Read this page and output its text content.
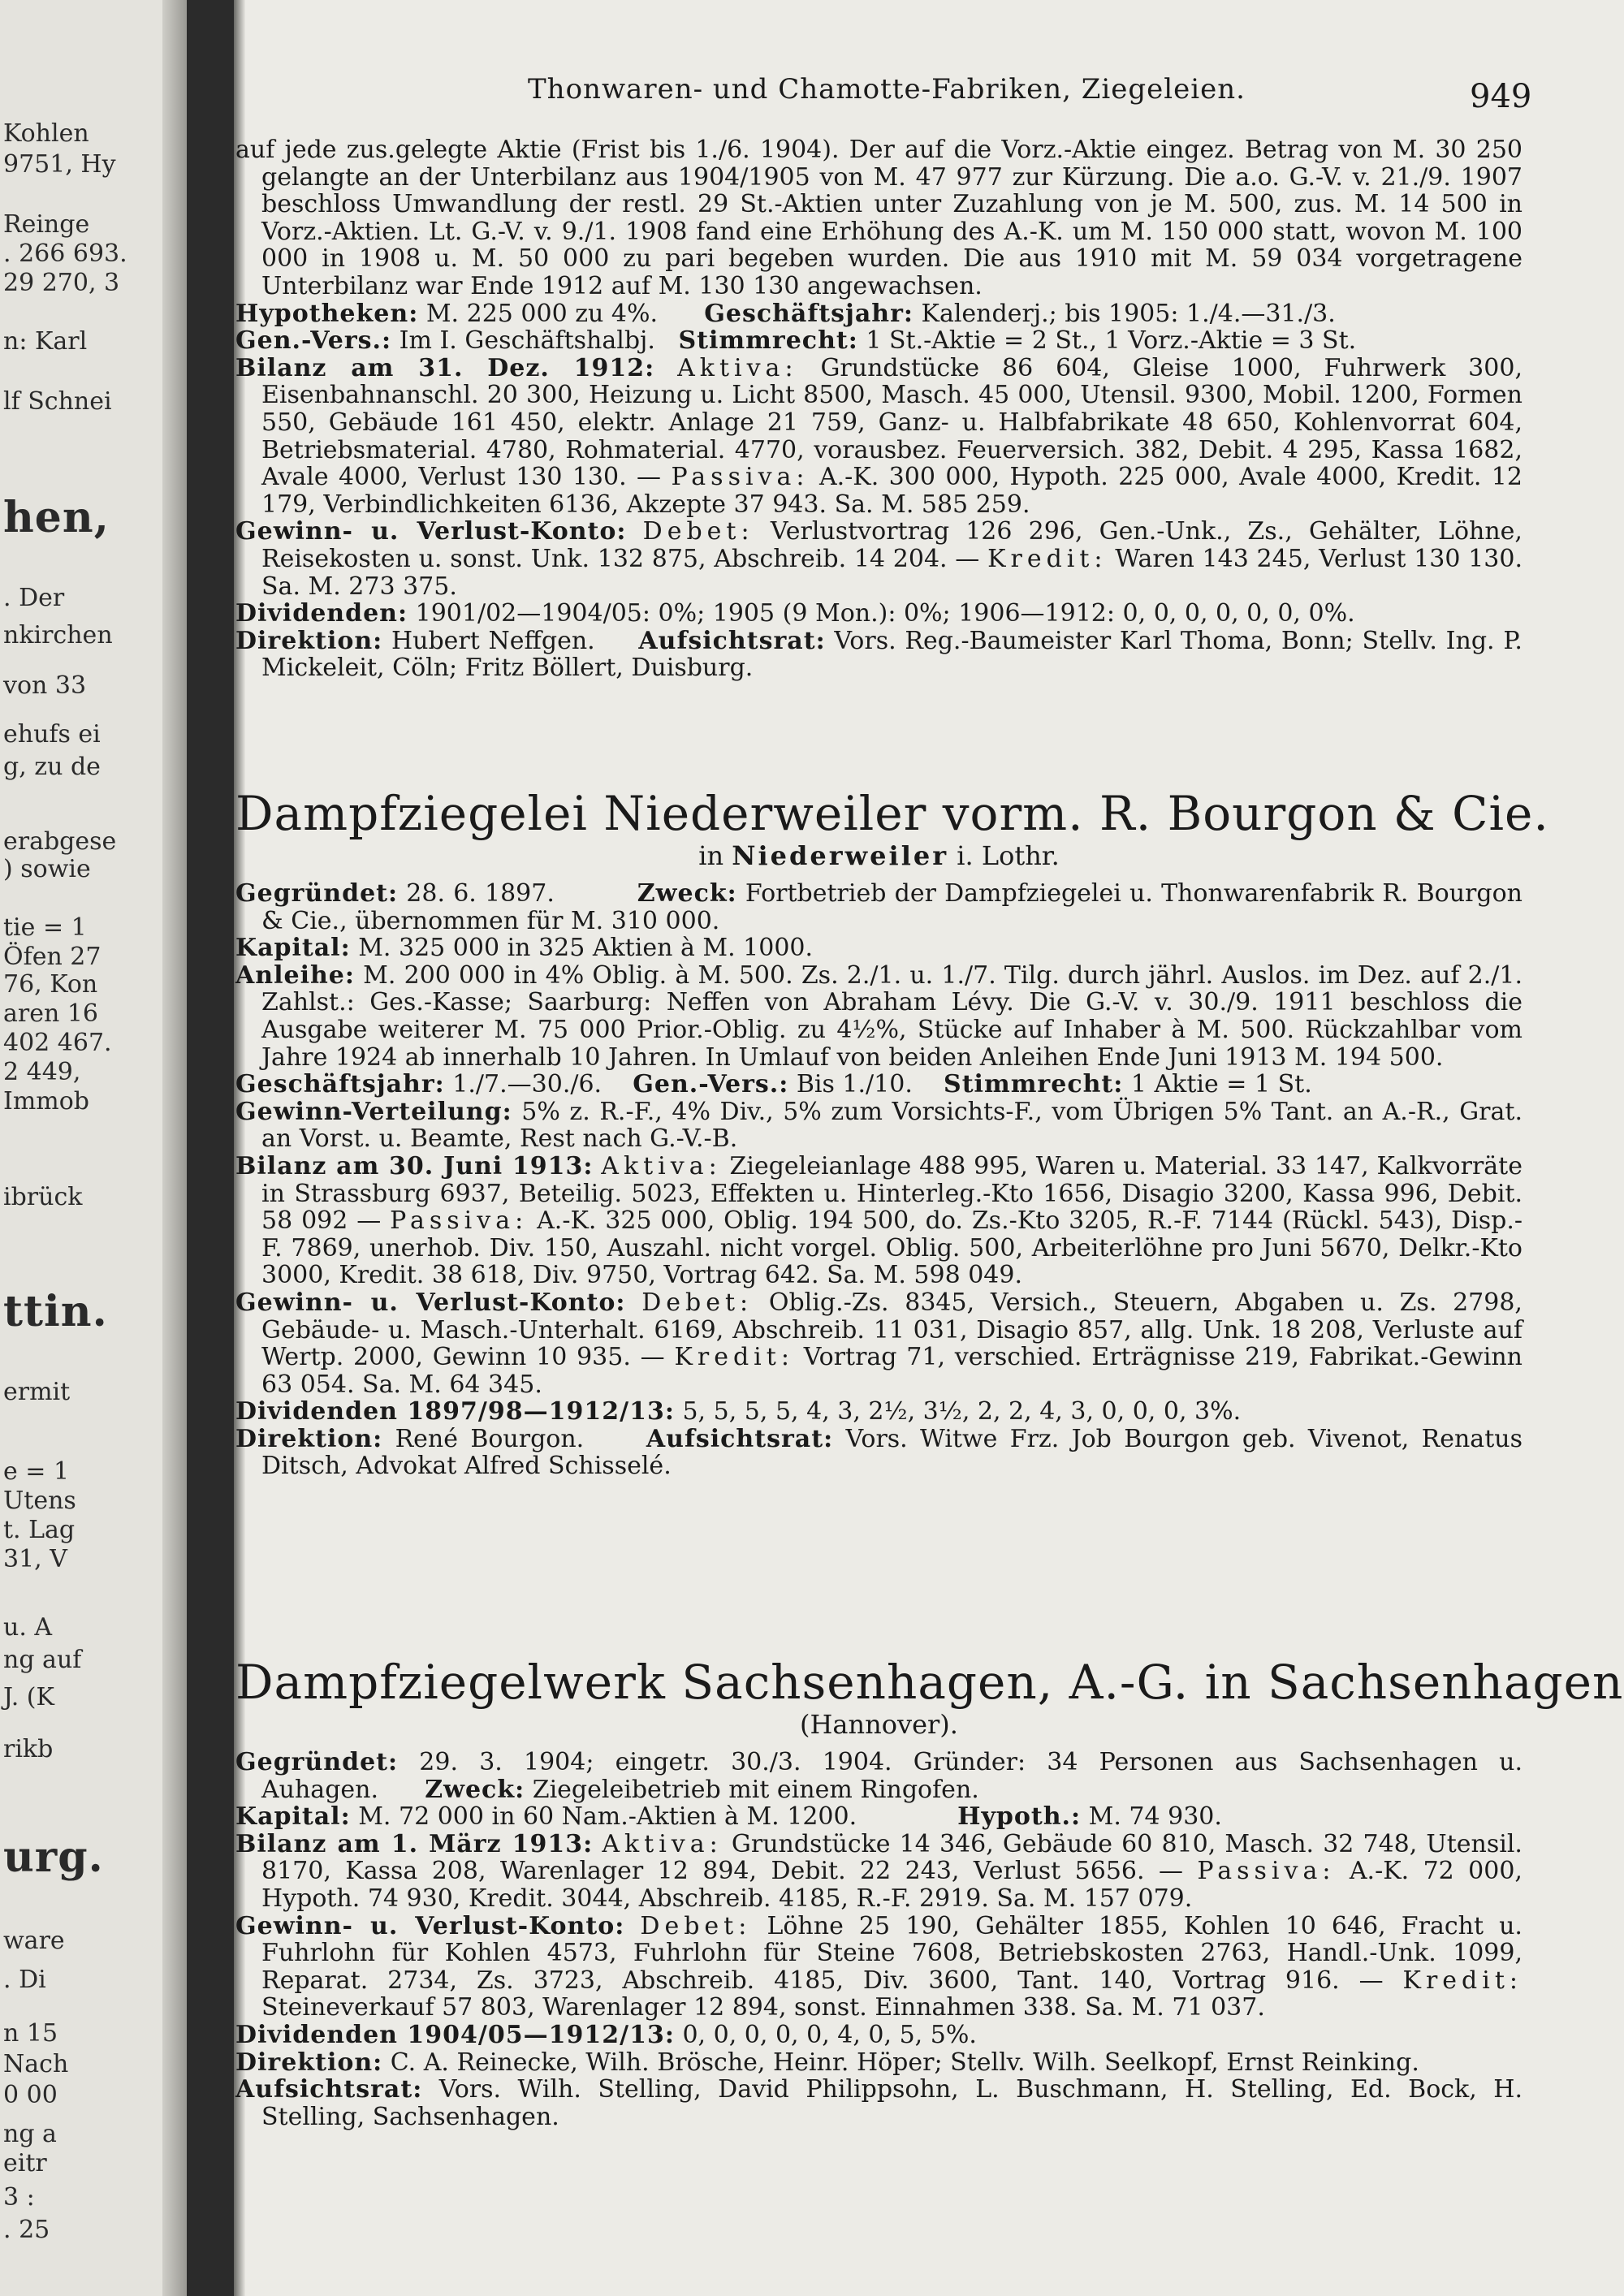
Kohlen
9751, Hy
Reinge
. 266 693.
29 270, 3
n: Karl
lf Schnei
hen,
. Der
nkirchen
von 33
ehufs ei
g, zu de
erabgese
) sowie
tie = 1
Öfen 27
76, Kon
aren 16
402 467.
2 449,
Immob
ibrück
ttin.
ermit
e = 1
Utens
t. Lag
31, V
u. A
ng auf
J. (K
rikb
urg.
ware
. Di
n 15
Nach
0 00
ng a
eitr
3 :
. 25
Thonwaren- und Chamotte-Fabriken, Ziegeleien.	949

auf jede zus.gelegte Aktie (Frist bis 1./6. 1904). Der auf die Vorz.-Aktie eingez. Betrag von M. 30 250 gelangte an der Unterbilanz aus 1904/1905 von M. 47 977 zur Kürzung. Die a.o. G.-V. v. 21./9. 1907 beschloss Umwandlung der restl. 29 St.-Aktien unter Zuzahlung von je M. 500, zus. M. 14 500 in Vorz.-Aktien. Lt. G.-V. v. 9./1. 1908 fand eine Erhöhung des A.-K. um M. 150 000 statt, wovon M. 100 000 in 1908 u. M. 50 000 zu pari begeben wurden. Die aus 1910 mit M. 59 034 vorgetragene Unterbilanz war Ende 1912 auf M. 130 130 angewachsen.

Hypotheken: M. 225 000 zu 4%. Geschäftsjahr: Kalenderj.; bis 1905: 1./4.—31./3.

Gen.-Vers.: Im I. Geschäftshalbj. Stimmrecht: 1 St.-Aktie = 2 St., 1 Vorz.-Aktie = 3 St.

Bilanz am 31. Dez. 1912: Aktiva: Grundstücke 86 604, Gleise 1000, Fuhrwerk 300, Eisenbahnanschl. 20 300, Heizung u. Licht 8500, Masch. 45 000, Utensil. 9300, Mobil. 1200, Formen 550, Gebäude 161 450, elektr. Anlage 21 759, Ganz- u. Halbfabrikate 48 650, Kohlenvorrat 604, Betriebsmaterial. 4780, Rohmaterial. 4770, vorausbez. Feuerversich. 382, Debit. 4 295, Kassa 1682, Avale 4000, Verlust 130 130. — Passiva: A.-K. 300 000, Hypoth. 225 000, Avale 4000, Kredit. 12 179, Verbindlichkeiten 6136, Akzepte 37 943. Sa. M. 585 259.

Gewinn- u. Verlust-Konto: Debet: Verlustvortrag 126 296, Gen.-Unk., Zs., Gehälter, Löhne, Reisekosten u. sonst. Unk. 132 875, Abschreib. 14 204. — Kredit: Waren 143 245, Verlust 130 130. Sa. M. 273 375.

Dividenden: 1901/02—1904/05: 0%; 1905 (9 Mon.): 0%; 1906—1912: 0, 0, 0, 0, 0, 0, 0%.

Direktion: Hubert Neffgen. Aufsichtsrat: Vors. Reg.-Baumeister Karl Thoma, Bonn; Stellv. Ing. P. Mickeleit, Cöln; Fritz Böllert, Duisburg.

Dampfziegelei Niederweiler vorm. R. Bourgon & Cie.

in Niederweiler i. Lothr.

Gegründet: 28. 6. 1897.	Zweck: Fortbetrieb der Dampfziegelei u. Thonwarenfabrik R. Bourgon & Cie., übernommen für M. 310 000.

Kapital: M. 325 000 in 325 Aktien à M. 1000.

Anleihe: M. 200 000 in 4% Oblig. à M. 500. Zs. 2./1. u. 1./7. Tilg. durch jährl. Auslos. im Dez. auf 2./1. Zahlst.: Ges.-Kasse; Saarburg: Neffen von Abraham Lévy. Die G.-V. v. 30./9. 1911 beschloss die Ausgabe weiterer M. 75 000 Prior.-Oblig. zu 4½%, Stücke auf Inhaber à M. 500. Rückzahlbar vom Jahre 1924 ab innerhalb 10 Jahren. In Umlauf von beiden Anleihen Ende Juni 1913 M. 194 500.

Geschäftsjahr: 1./7.—30./6. Gen.-Vers.: Bis 1./10. Stimmrecht: 1 Aktie = 1 St.

Gewinn-Verteilung: 5% z. R.-F., 4% Div., 5% zum Vorsichts-F., vom Übrigen 5% Tant. an A.-R., Grat. an Vorst. u. Beamte, Rest nach G.-V.-B.

Bilanz am 30. Juni 1913: Aktiva: Ziegeleianlage 488 995, Waren u. Material. 33 147, Kalkvorräte in Strassburg 6937, Beteilig. 5023, Effekten u. Hinterleg.-Kto 1656, Disagio 3200, Kassa 996, Debit. 58 092 — Passiva: A.-K. 325 000, Oblig. 194 500, do. Zs.-Kto 3205, R.-F. 7144 (Rückl. 543), Disp.-F. 7869, unerhob. Div. 150, Auszahl. nicht vorgel. Oblig. 500, Arbeiterlöhne pro Juni 5670, Delkr.-Kto 3000, Kredit. 38 618, Div. 9750, Vortrag 642. Sa. M. 598 049.

Gewinn- u. Verlust-Konto: Debet: Oblig.-Zs. 8345, Versich., Steuern, Abgaben u. Zs. 2798, Gebäude- u. Masch.-Unterhalt. 6169, Abschreib. 11 031, Disagio 857, allg. Unk. 18 208, Verluste auf Wertp. 2000, Gewinn 10 935. — Kredit: Vortrag 71, verschied. Erträgnisse 219, Fabrikat.-Gewinn 63 054. Sa. M. 64 345.

Dividenden 1897/98—1912/13: 5, 5, 5, 5, 4, 3, 2½, 3½, 2, 2, 4, 3, 0, 0, 0, 3%.

Direktion: René Bourgon.	Aufsichtsrat: Vors. Witwe Frz. Job Bourgon geb. Vivenot, Renatus Ditsch, Advokat Alfred Schisselé.

Dampfziegelwerk Sachsenhagen, A.-G. in Sachsenhagen

(Hannover).

Gegründet: 29. 3. 1904; eingetr. 30./3. 1904. Gründer: 34 Personen aus Sachsenhagen u. Auhagen. Zweck: Ziegeleibetrieb mit einem Ringofen.

Kapital: M. 72 000 in 60 Nam.-Aktien à M. 1200.	Hypoth.: M. 74 930.

Bilanz am 1. März 1913: Aktiva: Grundstücke 14 346, Gebäude 60 810, Masch. 32 748, Utensil. 8170, Kassa 208, Warenlager 12 894, Debit. 22 243, Verlust 5656. — Passiva: A.-K. 72 000, Hypoth. 74 930, Kredit. 3044, Abschreib. 4185, R.-F. 2919. Sa. M. 157 079.

Gewinn- u. Verlust-Konto: Debet: Löhne 25 190, Gehälter 1855, Kohlen 10 646, Fracht u. Fuhrlohn für Kohlen 4573, Fuhrlohn für Steine 7608, Betriebskosten 2763, Handl.-Unk. 1099, Reparat. 2734, Zs. 3723, Abschreib. 4185, Div. 3600, Tant. 140, Vortrag 916. — Kredit: Steineverkauf 57 803, Warenlager 12 894, sonst. Einnahmen 338. Sa. M. 71 037.

Dividenden 1904/05—1912/13: 0, 0, 0, 0, 0, 4, 0, 5, 5%.

Direktion: C. A. Reinecke, Wilh. Brösche, Heinr. Höper; Stellv. Wilh. Seelkopf, Ernst Reinking.

Aufsichtsrat: Vors. Wilh. Stelling, David Philippsohn, L. Buschmann, H. Stelling, Ed. Bock, H. Stelling, Sachsenhagen.
